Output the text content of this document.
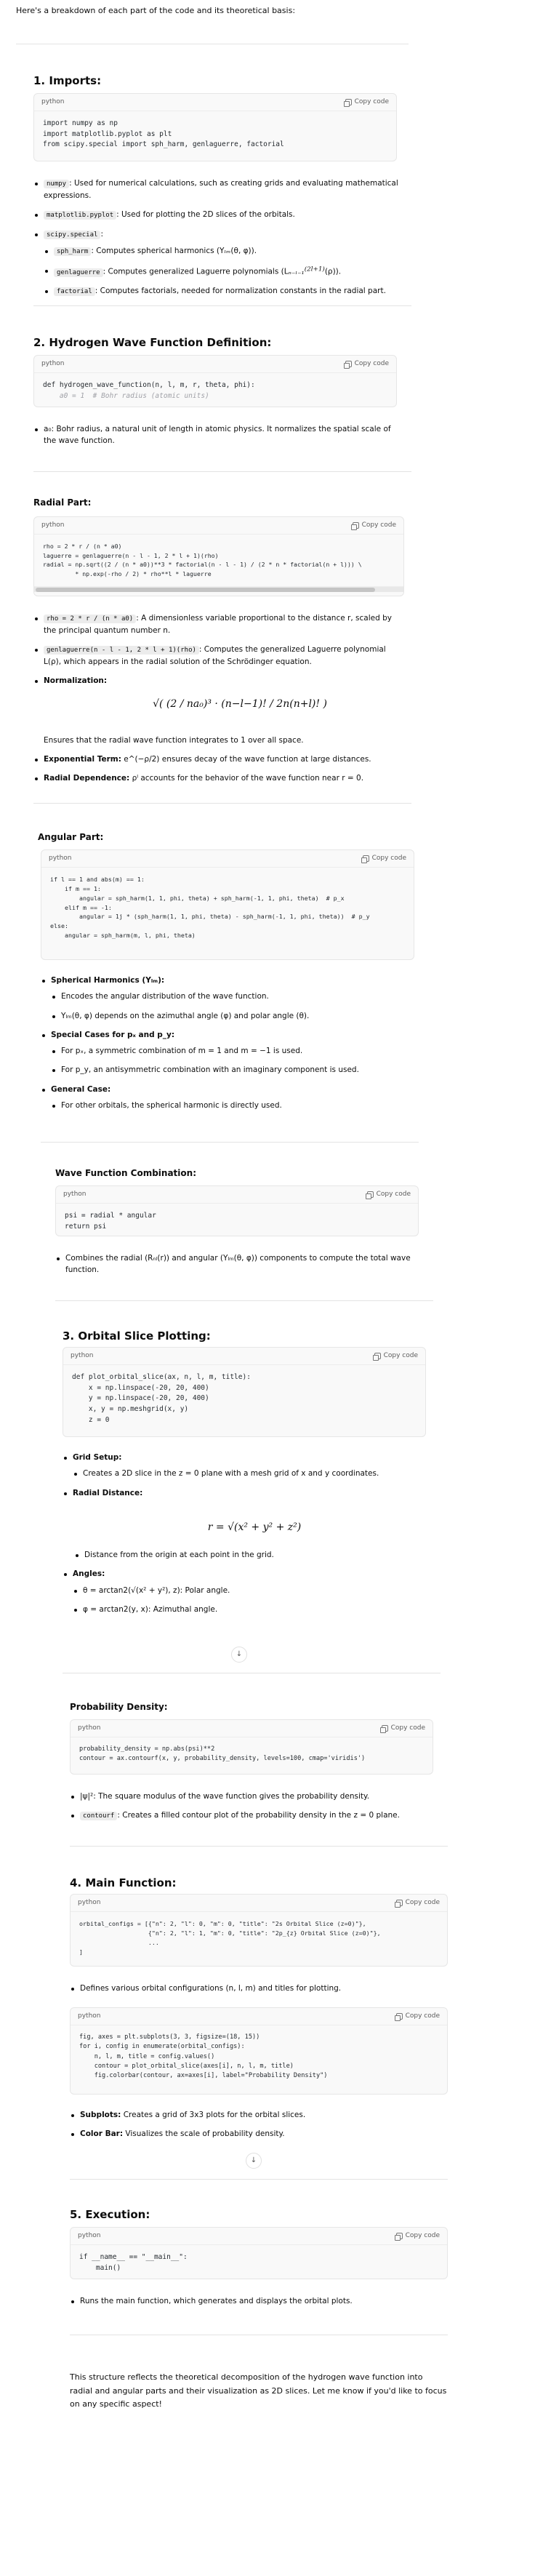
Here's a breakdown of each part of the code and its theoretical basis:
1. Imports:
python	Copy code
import numpy as np
import matplotlib.pyplot as plt
from scipy.special import sph_harm, genlaguerre, factorial
numpy : Used for numerical calculations, such as creating grids and evaluating mathematical expressions.
matplotlib.pyplot : Used for plotting the 2D slices of the orbitals.
scipy.special :
sph_harm : Computes spherical harmonics (Yₗₘ(θ, φ)).
genlaguerre : Computes generalized Laguerre polynomials (Lₙ₋ₗ₋₁$^{(2l+1)}$(ρ)).
factorial : Computes factorials, needed for normalization constants in the radial part.
2. Hydrogen Wave Function Definition:
python	Copy code
def hydrogen_wave_function(n, l, m, r, theta, phi):
a0 = 1  # Bohr radius (atomic units)
a₀: Bohr radius, a natural unit of length in atomic physics. It normalizes the spatial scale of the wave function.
Radial Part:
python	Copy code
rho = 2 * r / (n * a0)
laguerre = genlaguerre(n - l - 1, 2 * l + 1)(rho)
radial = np.sqrt((2 / (n * a0))**3 * factorial(n - l - 1) / (2 * n * factorial(n + l))) \
* np.exp(-rho / 2) * rho**l * laguerre
rho = 2 * r / (n * a0) : A dimensionless variable proportional to the distance r, scaled by the principal quantum number n.
genlaguerre(n - l - 1, 2 * l + 1)(rho) : Computes the generalized Laguerre polynomial L(ρ), which appears in the radial solution of the Schrödinger equation.
Normalization:
√( (2 / na₀)³ · (n−l−1)! / 2n(n+l)! )
Ensures that the radial wave function integrates to 1 over all space.
Exponential Term: e^(−ρ/2) ensures decay of the wave function at large distances.
Radial Dependence: ρˡ accounts for the behavior of the wave function near r = 0.
Angular Part:
python	Copy code
if l == 1 and abs(m) == 1:
if m == 1:
angular = sph_harm(1, 1, phi, theta) + sph_harm(-1, 1, phi, theta)  # p_x
elif m == -1:
angular = 1j * (sph_harm(1, 1, phi, theta) - sph_harm(-1, 1, phi, theta))  # p_y
else:
angular = sph_harm(m, l, phi, theta)
Spherical Harmonics (Yₗₘ):
Encodes the angular distribution of the wave function.
Yₗₘ(θ, φ) depends on the azimuthal angle (φ) and polar angle (θ).
Special Cases for pₓ and p_y:
For pₓ, a symmetric combination of m = 1 and m = −1 is used.
For p_y, an antisymmetric combination with an imaginary component is used.
General Case:
For other orbitals, the spherical harmonic is directly used.
Wave Function Combination:
python	Copy code
psi = radial * angular
return psi
Combines the radial (Rₙₗ(r)) and angular (Yₗₘ(θ, φ)) components to compute the total wave function.
3. Orbital Slice Plotting:
python	Copy code
def plot_orbital_slice(ax, n, l, m, title):
x = np.linspace(-20, 20, 400)
y = np.linspace(-20, 20, 400)
x, y = np.meshgrid(x, y)
z = 0
Grid Setup:
Creates a 2D slice in the z = 0 plane with a mesh grid of x and y coordinates.
Radial Distance:
r = √(x² + y² + z²)
Distance from the origin at each point in the grid.
Angles:
θ = arctan2(√(x² + y²), z): Polar angle.
φ = arctan2(y, x): Azimuthal angle.
↓
Probability Density:
python	Copy code
probability_density = np.abs(psi)**2
contour = ax.contourf(x, y, probability_density, levels=100, cmap='viridis')
|ψ|²: The square modulus of the wave function gives the probability density.
contourf : Creates a filled contour plot of the probability density in the z = 0 plane.
4. Main Function:
python	Copy code
orbital_configs = [{"n": 2, "l": 0, "m": 0, "title": "2s Orbital Slice (z=0)"},
{"n": 2, "l": 1, "m": 0, "title": "2p_{z} Orbital Slice (z=0)"},
...
]
Defines various orbital configurations (n, l, m) and titles for plotting.
python	Copy code
fig, axes = plt.subplots(3, 3, figsize=(18, 15))
for i, config in enumerate(orbital_configs):
n, l, m, title = config.values()
contour = plot_orbital_slice(axes[i], n, l, m, title)
fig.colorbar(contour, ax=axes[i], label="Probability Density")
Subplots: Creates a grid of 3x3 plots for the orbital slices.
Color Bar: Visualizes the scale of probability density.
↓
5. Execution:
python	Copy code
if __name__ == "__main__":
main()
Runs the main function, which generates and displays the orbital plots.
This structure reflects the theoretical decomposition of the hydrogen wave function into radial and angular parts and their visualization as 2D slices. Let me know if you'd like to focus on any specific aspect!
